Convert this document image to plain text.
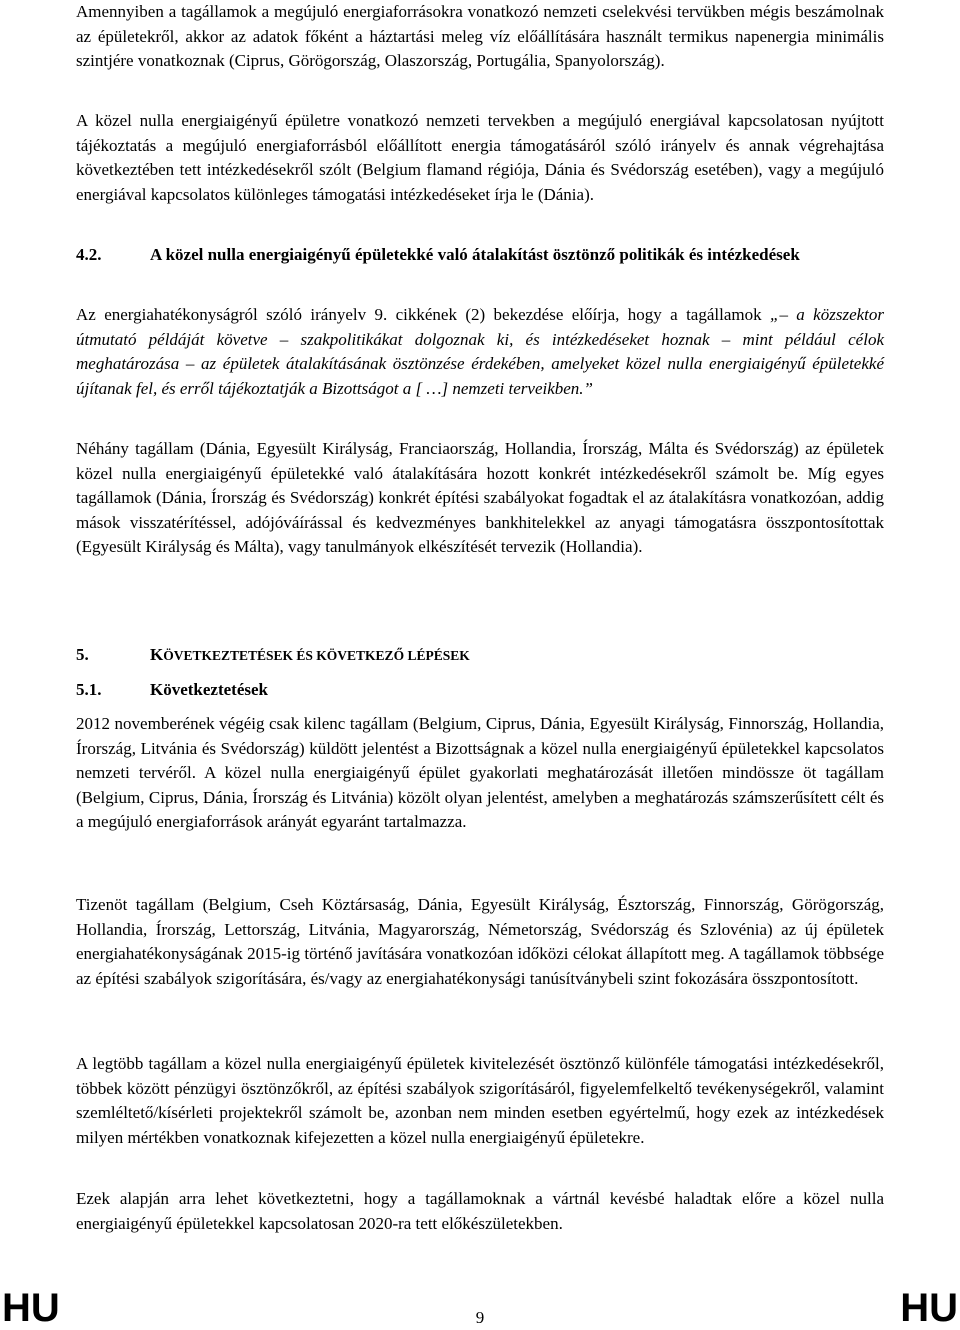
Amennyiben a tagállamok a megújuló energiaforrásokra vonatkozó nemzeti cselekvési tervükben mégis beszámolnak az épületekről, akkor az adatok főként a háztartási meleg víz előállítására használt termikus napenergia minimális szintjére vonatkoznak (Ciprus, Görögország, Olaszország, Portugália, Spanyolország).

A közel nulla energiaigényű épületre vonatkozó nemzeti tervekben a megújuló energiával kapcsolatosan nyújtott tájékoztatás a megújuló energiaforrásból előállított energia támogatásáról szóló irányelv és annak végrehajtása következtében tett intézkedésekről szólt (Belgium flamand régiója, Dánia és Svédország esetében), vagy a megújuló energiával kapcsolatos különleges támogatási intézkedéseket írja le (Dánia).

4.2.	A közel nulla energiaigényű épületekké való átalakítást ösztönző politikák és intézkedések

Az energiahatékonyságról szóló irányelv 9. cikkének (2) bekezdése előírja, hogy a tagállamok „– a közszektor útmutató példáját követve – szakpolitikákat dolgoznak ki, és intézkedéseket hoznak – mint például célok meghatározása – az épületek átalakításának ösztönzése érdekében, amelyeket közel nulla energiaigényű épületekké újítanak fel, és erről tájékoztatják a Bizottságot a [ …] nemzeti terveikben.”

Néhány tagállam (Dánia, Egyesült Királyság, Franciaország, Hollandia, Írország, Málta és Svédország) az épületek közel nulla energiaigényű épületekké való átalakítására hozott konkrét intézkedésekről számolt be. Míg egyes tagállamok (Dánia, Írország és Svédország) konkrét építési szabályokat fogadtak el az átalakításra vonatkozóan, addig mások visszatérítéssel, adójóváírással és kedvezményes bankhitelekkel az anyagi támogatásra összpontosítottak (Egyesült Királyság és Málta), vagy tanulmányok elkészítését tervezik (Hollandia).

5.	KÖVETKEZTETÉSEK ÉS KÖVETKEZŐ LÉPÉSEK
5.1.	Következtetések

2012 novemberének végéig csak kilenc tagállam (Belgium, Ciprus, Dánia, Egyesült Királyság, Finnország, Hollandia, Írország, Litvánia és Svédország) küldött jelentést a Bizottságnak a közel nulla energiaigényű épületekkel kapcsolatos nemzeti tervéről. A közel nulla energiaigényű épület gyakorlati meghatározását illetően mindössze öt tagállam (Belgium, Ciprus, Dánia, Írország és Litvánia) közölt olyan jelentést, amelyben a meghatározás számszerűsített célt és a megújuló energiaforrások arányát egyaránt tartalmazza.

Tizenöt tagállam (Belgium, Cseh Köztársaság, Dánia, Egyesült Királyság, Észtország, Finnország, Görögország, Hollandia, Írország, Lettország, Litvánia, Magyarország, Németország, Svédország és Szlovénia) az új épületek energiahatékonyságának 2015-ig történő javítására vonatkozóan időközi célokat állapított meg. A tagállamok többsége az építési szabályok szigorítására, és/vagy az energiahatékonysági tanúsítványbeli szint fokozására összpontosított.

A legtöbb tagállam a közel nulla energiaigényű épületek kivitelezését ösztönző különféle támogatási intézkedésekről, többek között pénzügyi ösztönzőkről, az építési szabályok szigorításáról, figyelemfelkeltő tevékenységekről, valamint szemléltető/kísérleti projektekről számolt be, azonban nem minden esetben egyértelmű, hogy ezek az intézkedések milyen mértékben vonatkoznak kifejezetten a közel nulla energiaigényű épületekre.

Ezek alapján arra lehet következtetni, hogy a tagállamoknak a vártnál kevésbé haladtak előre a közel nulla energiaigényű épületekkel kapcsolatosan 2020-ra tett előkészületekben.

HU	9	HU
